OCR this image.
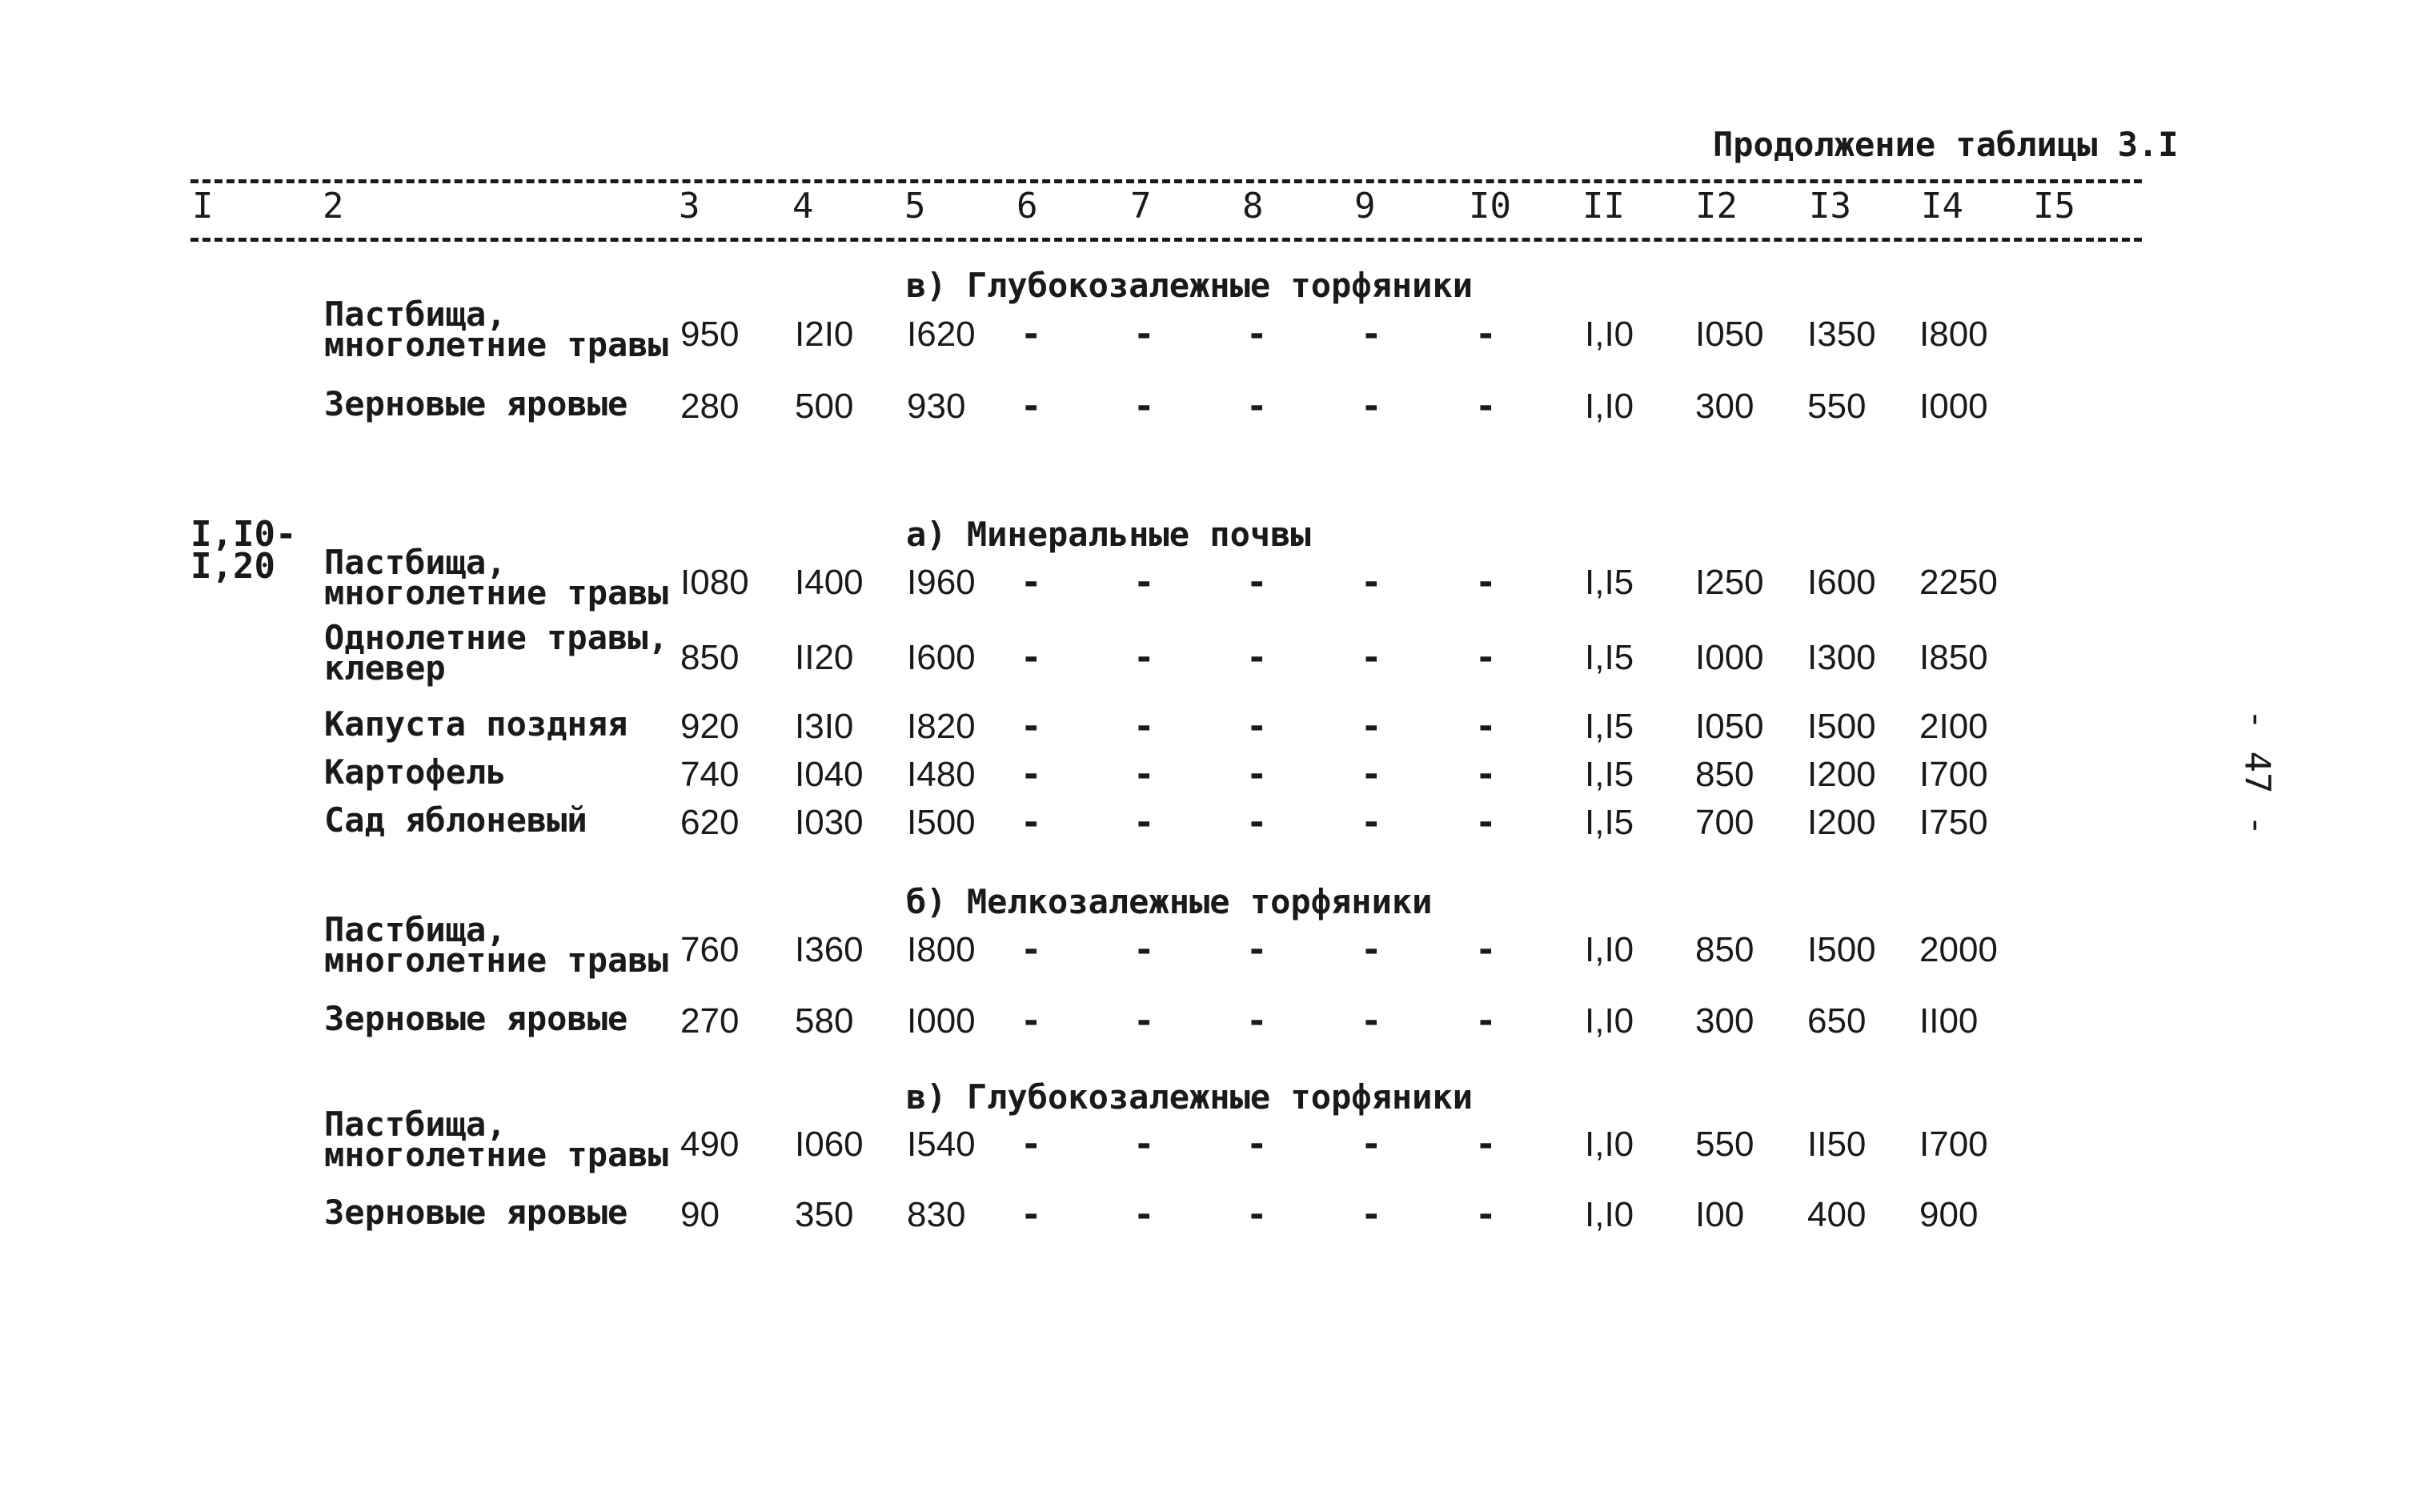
Продолжение таблицы 3.I
I	2	3	4	5	6	7	8	9	I0 II I2 I3 I4 I5
I,I0-
I,20
в) Глубокозалежные торфяники
Пастбища,
многолетние травы 950 I2I0 I620 -	-	-	-	-	I,I0 I050 I350 I800
Зерновые яровые 280 500 930 -	-	-	-	-	I,I0 300 550 I000
а) Минеральные почвы
Пастбища,
многолетние травы I080 I400 I960 -	-	-	-	-	I,I5 I250 I600 2250
Однолетние травы,
клевер	850 II20 I600 -	-	-	-	-	I,I5 I000 I300 I850
Капуста поздняя 920 I3I0 I820 -	-	-	-	-	I,I5 I050 I500 2I00
Картофель	740 I040 I480 -	-	-	-	-	I,I5 850 I200 I700
Сад яблоневый	620 I030 I500 -	-	-	-	-	I,I5 700 I200 I750
б) Мелкозалежные торфяники
Пастбища,
многолетние травы 760 I360 I800 -	-	-	-	-	I,I0 850 I500 2000
Зерновые яровые 270 580 I000 -	-	-	-	-	I,I0 300 650 II00
в) Глубокозалежные торфяники
Пастбища,
многолетние травы 490 I060 I540 -	-	-	-	-	I,I0 550 II50 I700
Зерновые яровые 90 350 830 -	-	-	-	-	I,I0 I00 400 900
- 47 -
